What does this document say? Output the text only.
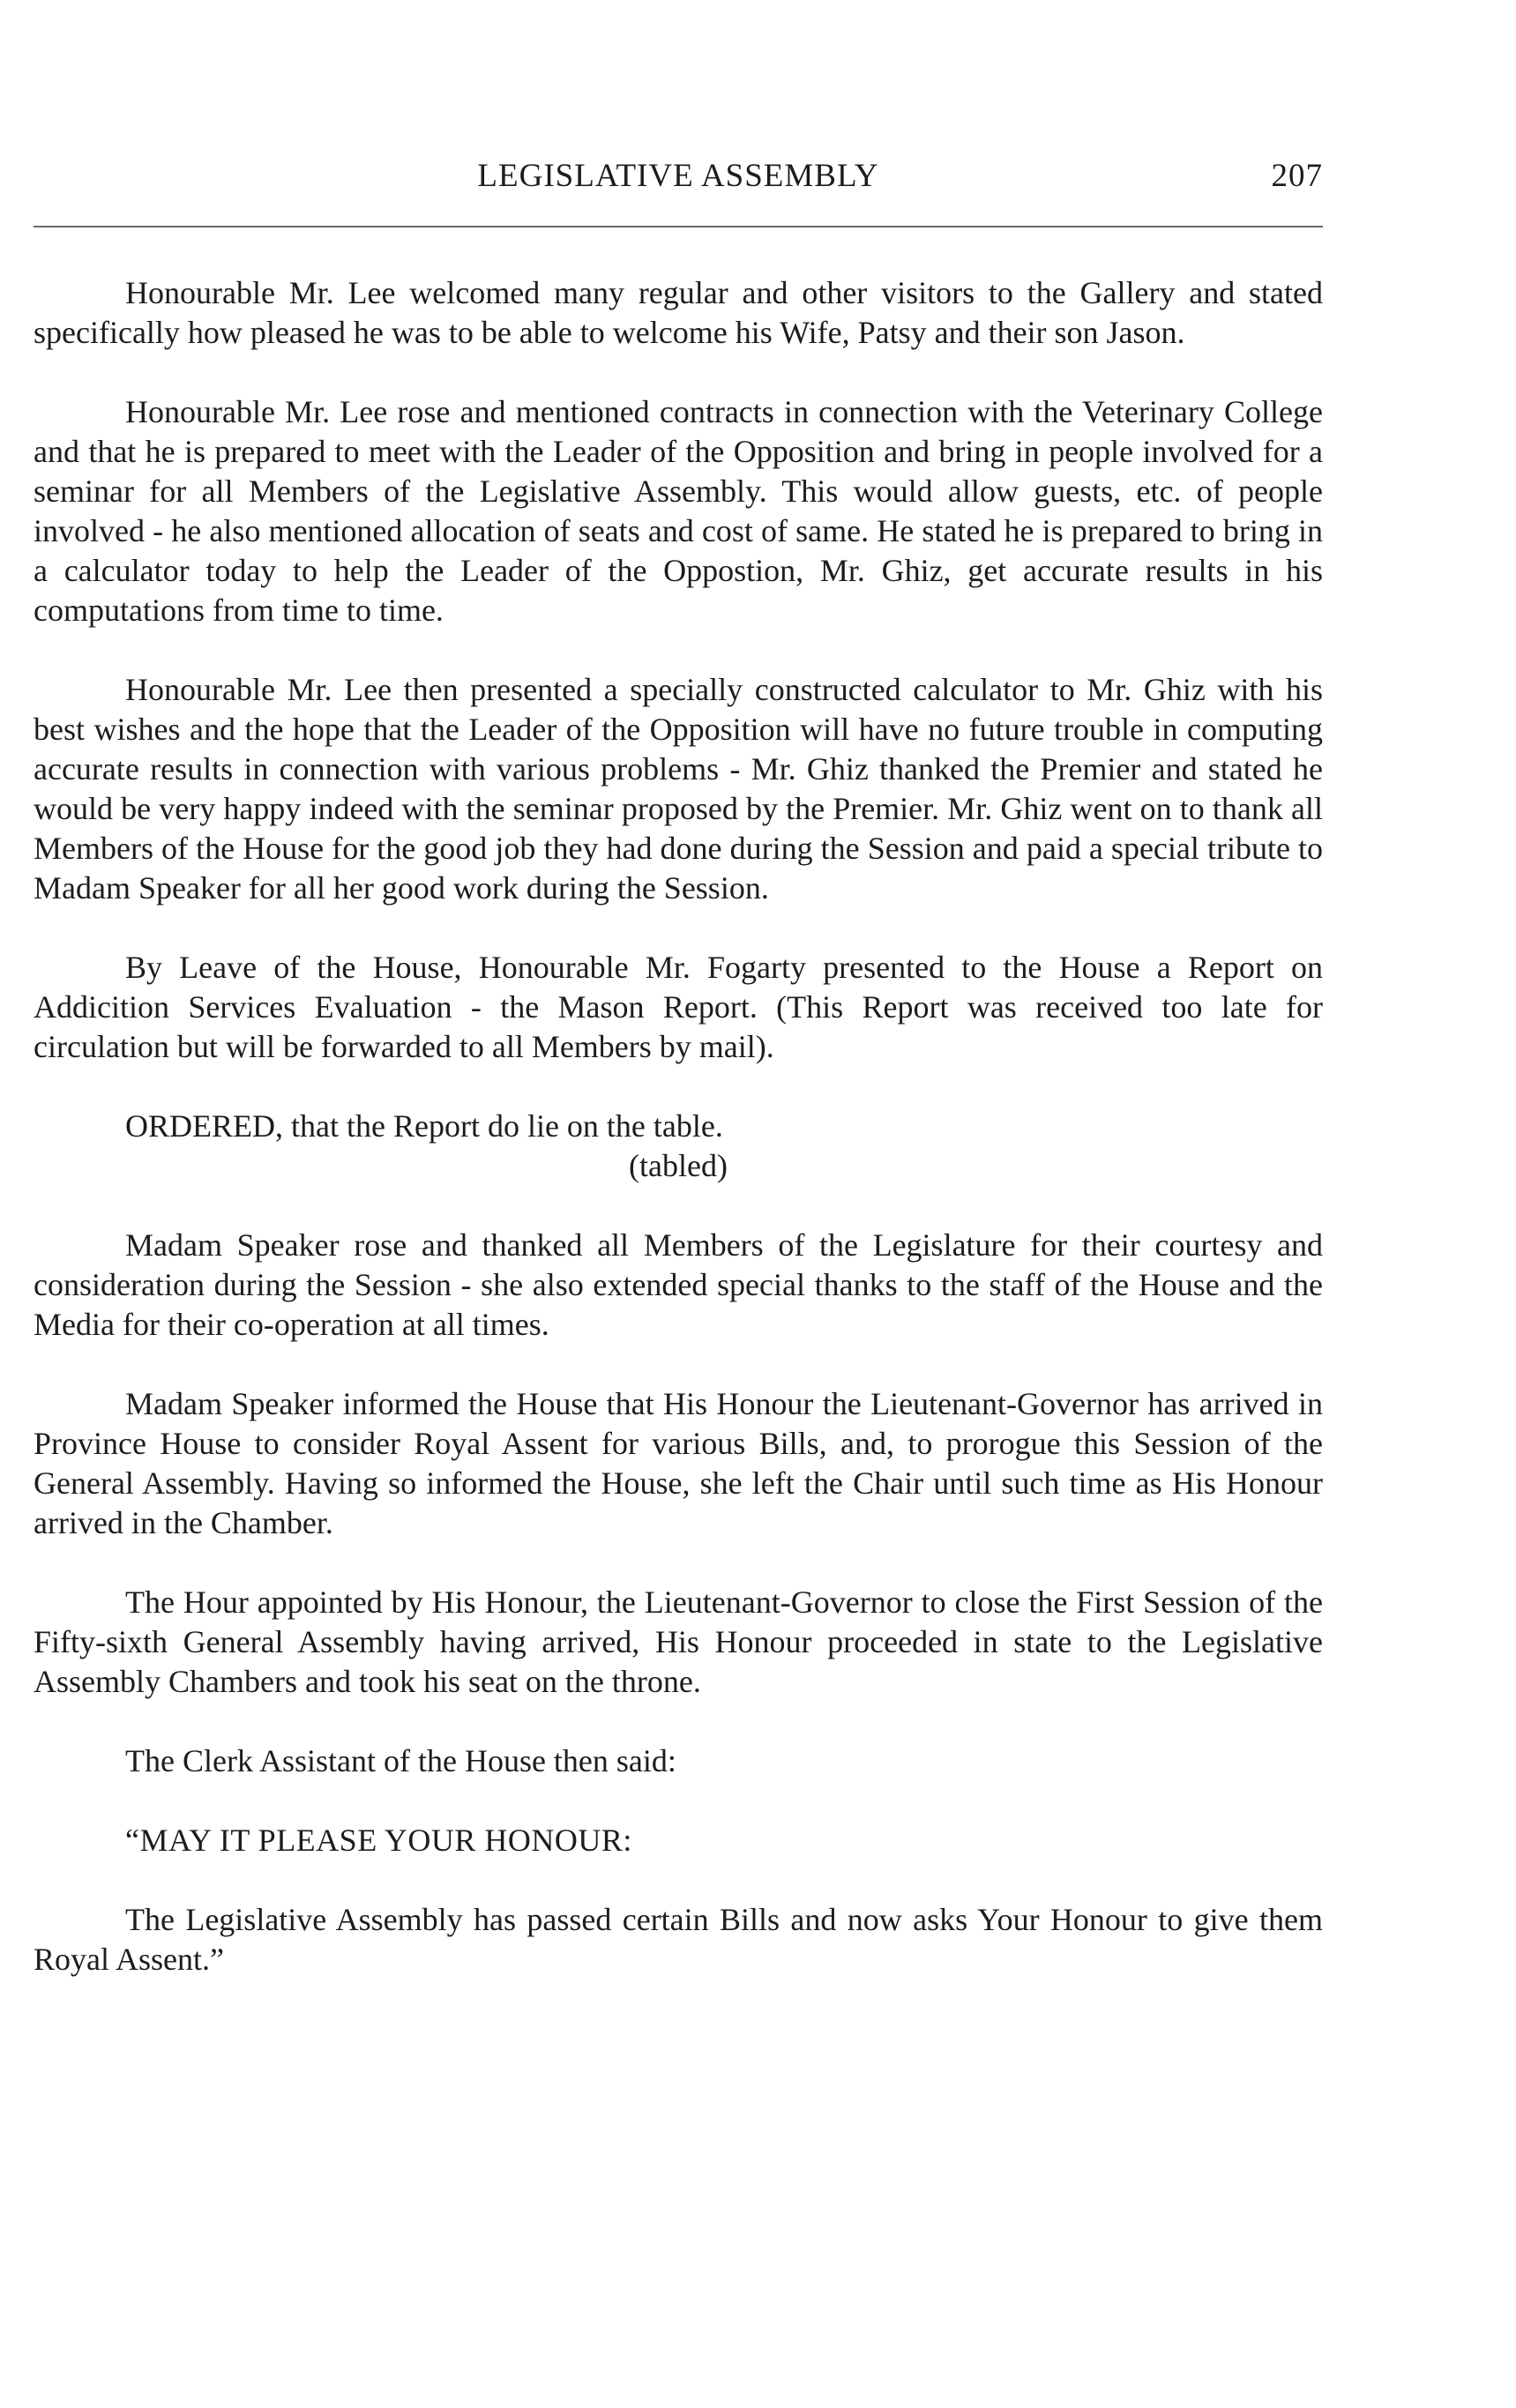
LEGISLATIVE ASSEMBLY	207

Honourable Mr. Lee welcomed many regular and other visitors to the Gallery and stated specifically how pleased he was to be able to welcome his Wife, Patsy and their son Jason.

Honourable Mr. Lee rose and mentioned contracts in connection with the Veterinary College and that he is prepared to meet with the Leader of the Opposition and bring in people involved for a seminar for all Members of the Legislative Assembly. This would allow guests, etc. of people involved - he also mentioned allocation of seats and cost of same. He stated he is prepared to bring in a calculator today to help the Leader of the Oppostion, Mr. Ghiz, get accurate results in his computations from time to time.

Honourable Mr. Lee then presented a specially constructed calculator to Mr. Ghiz with his best wishes and the hope that the Leader of the Opposition will have no future trouble in computing accurate results in connection with various problems - Mr. Ghiz thanked the Premier and stated he would be very happy indeed with the seminar proposed by the Premier. Mr. Ghiz went on to thank all Members of the House for the good job they had done during the Session and paid a special tribute to Madam Speaker for all her good work during the Session.

By Leave of the House, Honourable Mr. Fogarty presented to the House a Report on Addicition Services Evaluation - the Mason Report. (This Report was received too late for circulation but will be forwarded to all Members by mail).

ORDERED, that the Report do lie on the table.

(tabled)

Madam Speaker rose and thanked all Members of the Legislature for their courtesy and consideration during the Session - she also extended special thanks to the staff of the House and the Media for their co-operation at all times.

Madam Speaker informed the House that His Honour the Lieutenant-Governor has arrived in Province House to consider Royal Assent for various Bills, and, to prorogue this Session of the General Assembly. Having so informed the House, she left the Chair until such time as His Honour arrived in the Chamber.

The Hour appointed by His Honour, the Lieutenant-Governor to close the First Session of the Fifty-sixth General Assembly having arrived, His Honour proceeded in state to the Legislative Assembly Chambers and took his seat on the throne.

The Clerk Assistant of the House then said:

“MAY IT PLEASE YOUR HONOUR:

The Legislative Assembly has passed certain Bills and now asks Your Honour to give them Royal Assent.”
